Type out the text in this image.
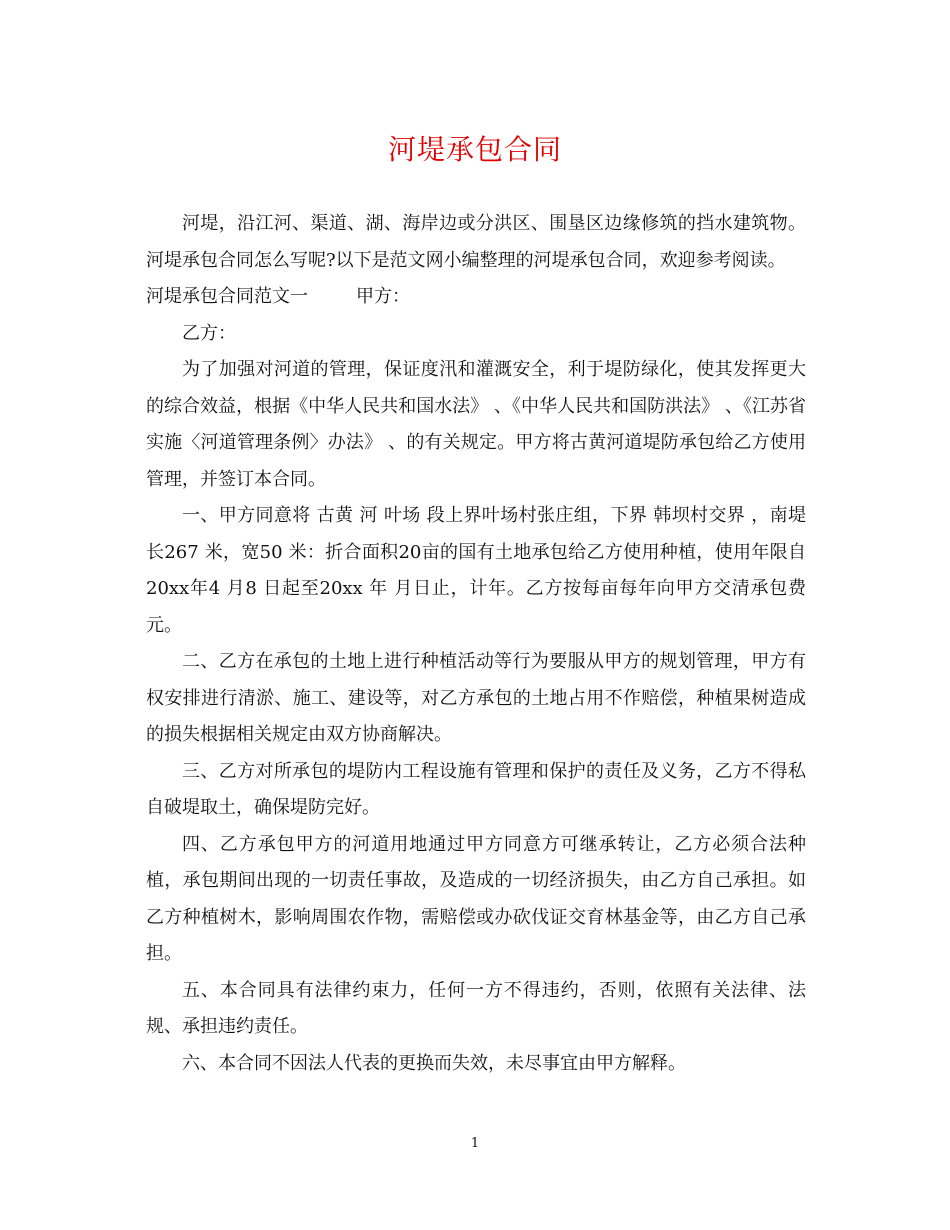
河堤承包合同

河堤，沿江河、渠道、湖、海岸边或分洪区、围垦区边缘修筑的挡水建筑物。河堤承包合同怎么写呢?以下是范文网小编整理的河堤承包合同，欢迎参考阅读。

河堤承包合同范文一	甲方：

乙方：

为了加强对河道的管理，保证度汛和灌溉安全，利于堤防绿化，使其发挥更大的综合效益，根据《中华人民共和国水法》 、《中华人民共和国防洪法》 、《江苏省实施〈河道管理条例〉办法》 、的有关规定。甲方将古黄河道堤防承包给乙方使用管理，并签订本合同。

一、甲方同意将 古黄 河 叶场 段上界叶场村张庄组，下界 韩坝村交界 ，南堤长267 米，宽50 米：折合面积20亩的国有土地承包给乙方使用种植，使用年限自20xx年4 月8 日起至20xx 年 月日止，计年。乙方按每亩每年向甲方交清承包费元。

二、乙方在承包的土地上进行种植活动等行为要服从甲方的规划管理，甲方有权安排进行清淤、施工、建设等，对乙方承包的土地占用不作赔偿，种植果树造成的损失根据相关规定由双方协商解决。

三、乙方对所承包的堤防内工程设施有管理和保护的责任及义务，乙方不得私自破堤取土，确保堤防完好。

四、乙方承包甲方的河道用地通过甲方同意方可继承转让，乙方必须合法种植，承包期间出现的一切责任事故，及造成的一切经济损失，由乙方自己承担。如乙方种植树木，影响周围农作物，需赔偿或办砍伐证交育林基金等，由乙方自己承担。

五、本合同具有法律约束力，任何一方不得违约，否则，依照有关法律、法规、承担违约责任。

六、本合同不因法人代表的更换而失效，未尽事宜由甲方解释。

1
